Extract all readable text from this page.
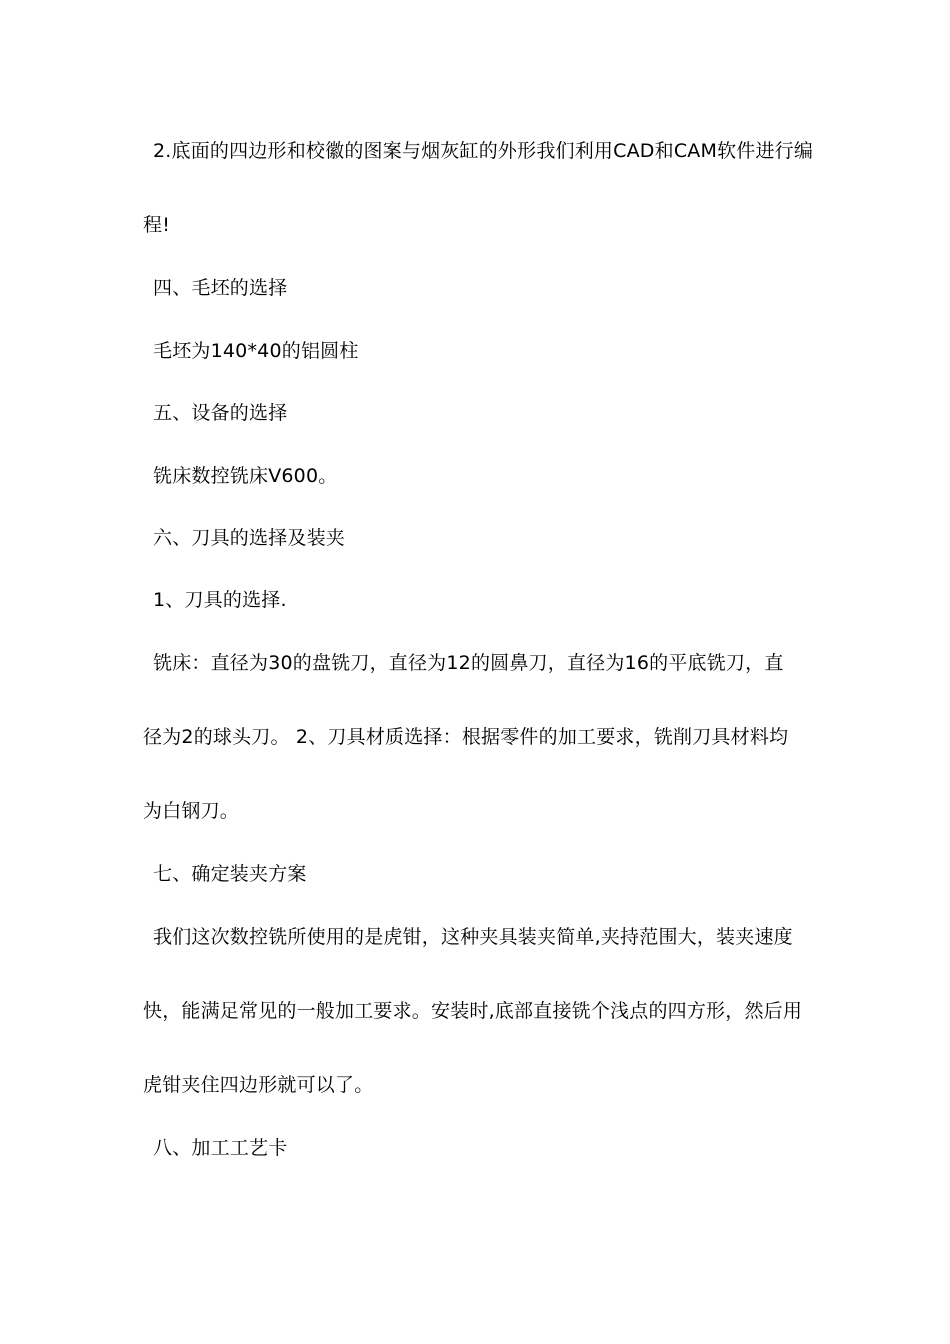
2.底面的四边形和校徽的图案与烟灰缸的外形我们利用CAD和CAM软件进行编
程!
四、毛坯的选择
毛坯为140*40的铝圆柱
五、设备的选择
铣床数控铣床V600。
六、刀具的选择及装夹
1、刀具的选择.
铣床：直径为30的盘铣刀，直径为12的圆鼻刀，直径为16的平底铣刀，直
径为2的球头刀。 2、刀具材质选择：根据零件的加工要求，铣削刀具材料均
为白钢刀。
七、确定装夹方案
我们这次数控铣所使用的是虎钳，这种夹具装夹简单,夹持范围大，装夹速度
快，能满足常见的一般加工要求。安装时,底部直接铣个浅点的四方形，然后用
虎钳夹住四边形就可以了。
八、加工工艺卡
